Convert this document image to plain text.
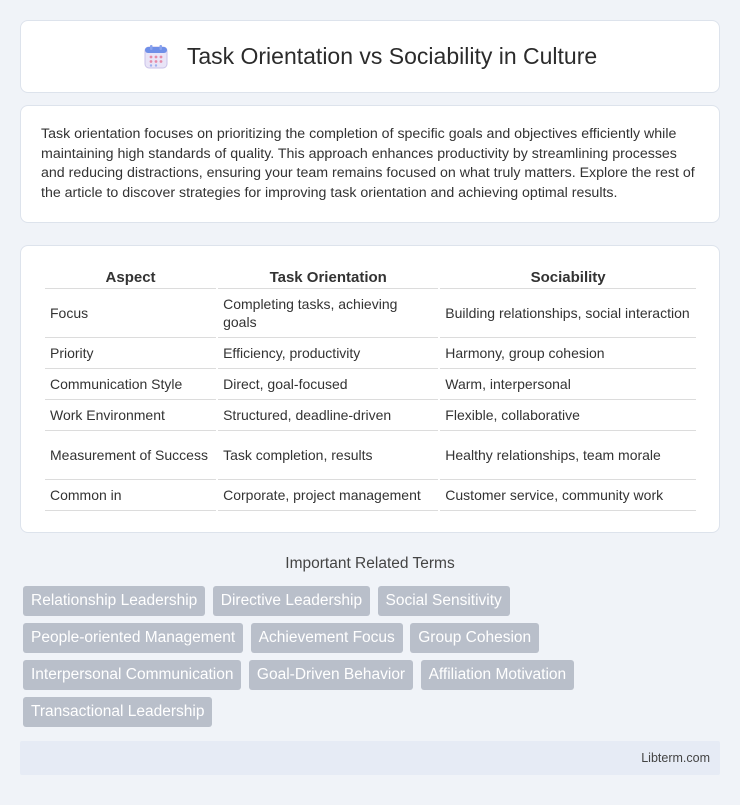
Task Orientation vs Sociability in Culture

Task orientation focuses on prioritizing the completion of specific goals and objectives efficiently while maintaining high standards of quality. This approach enhances productivity by streamlining processes and reducing distractions, ensuring your team remains focused on what truly matters. Explore the rest of the article to discover strategies for improving task orientation and achieving optimal results.

Aspect	Task Orientation	Sociability
Focus	Completing tasks, achieving goals	Building relationships, social interaction
Priority	Efficiency, productivity	Harmony, group cohesion
Communication Style	Direct, goal-focused	Warm, interpersonal
Work Environment	Structured, deadline-driven	Flexible, collaborative
Measurement of Success	Task completion, results	Healthy relationships, team morale
Common in	Corporate, project management	Customer service, community work
Important Related Terms
Relationship Leadership Directive Leadership Social Sensitivity
People-oriented Management Achievement Focus Group Cohesion
Interpersonal Communication Goal-Driven Behavior Affiliation Motivation
Transactional Leadership
Libterm.com
